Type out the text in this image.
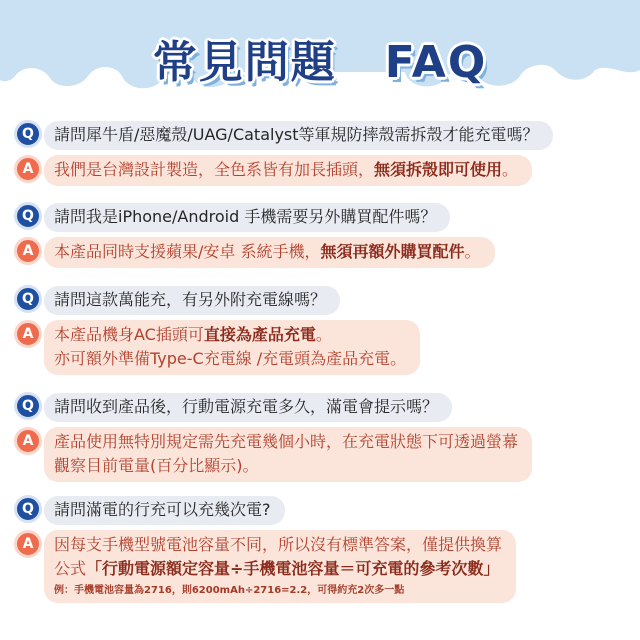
常見問題 FAQ
Q	請問犀牛盾/惡魔殼/UAG/Catalyst等軍規防摔殼需拆殼才能充電嗎？
A	我們是台灣設計製造，全色系皆有加長插頭，無須拆殼即可使用。
Q	請問我是iPhone/Android 手機需要另外購買配件嗎？
A	本產品同時支援蘋果/安卓 系統手機，無須再額外購買配件。
Q	請問這款萬能充，有另外附充電線嗎？
A	本產品機身AC插頭可直接為產品充電。
亦可額外準備Type-C充電線 /充電頭為產品充電。
Q	請問收到產品後，行動電源充電多久，滿電會提示嗎？
A	產品使用無特別規定需先充電幾個小時，在充電狀態下可透過螢幕
觀察目前電量(百分比顯示)。
Q	請問滿電的行充可以充幾次電?
A	因每支手機型號電池容量不同，所以沒有標準答案，僅提供換算
公式「行動電源額定容量÷手機電池容量＝可充電的參考次數」
例：手機電池容量為2716，則6200mAh÷2716=2.2，可得約充2次多一點
